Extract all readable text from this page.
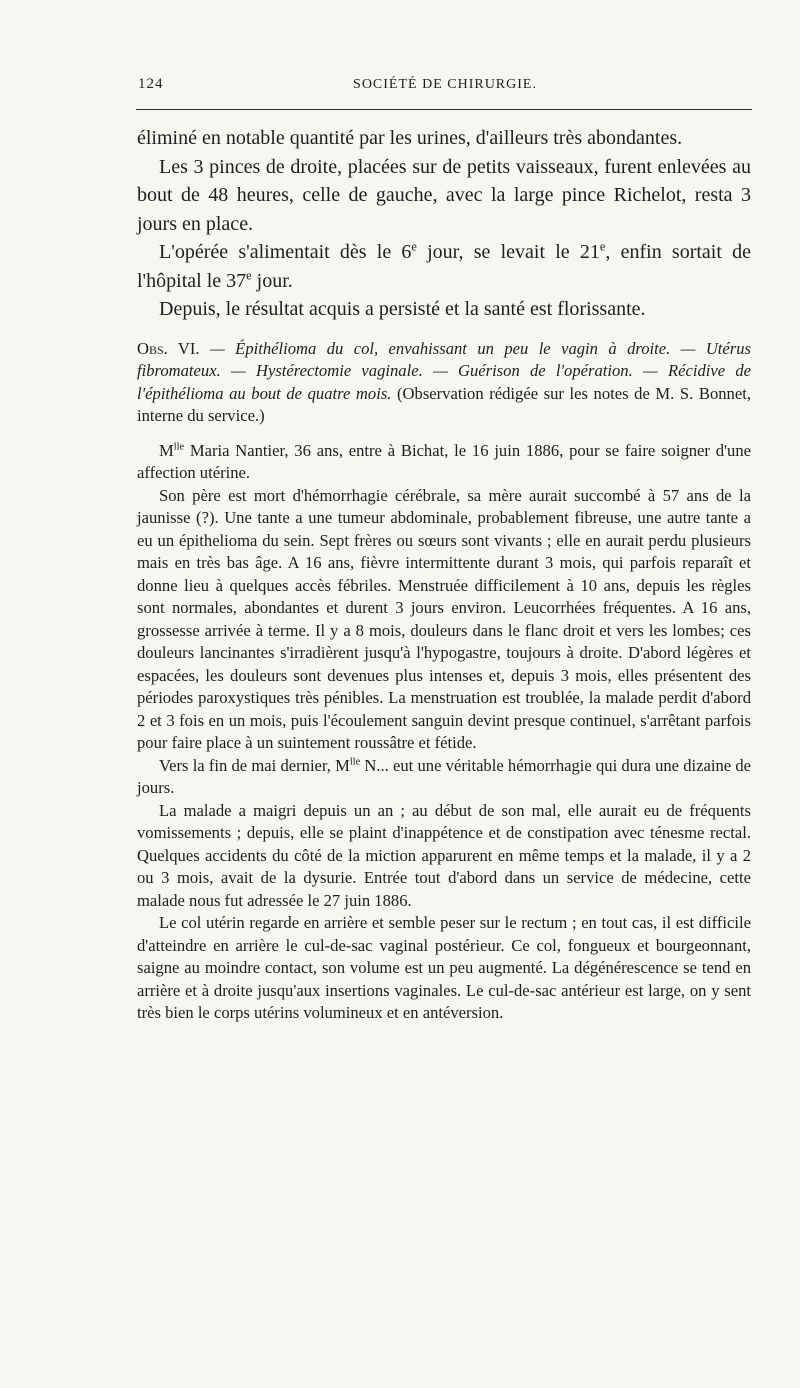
124	SOCIÉTÉ DE CHIRURGIE.

éliminé en notable quantité par les urines, d'ailleurs très abondantes.

Les 3 pinces de droite, placées sur de petits vaisseaux, furent enlevées au bout de 48 heures, celle de gauche, avec la large pince Richelot, resta 3 jours en place.

L'opérée s'alimentait dès le 6e jour, se levait le 21e, enfin sortait de l'hôpital le 37e jour.

Depuis, le résultat acquis a persisté et la santé est florissante.

Obs. VI. — Épithélioma du col, envahissant un peu le vagin à droite. — Utérus fibromateux. — Hystérectomie vaginale. — Guérison de l'opération. — Récidive de l'épithélioma au bout de quatre mois. (Observation rédigée sur les notes de M. S. Bonnet, interne du service.)

$M^{lle}$ Maria Nantier, 36 ans, entre à Bichat, le 16 juin 1886, pour se faire soigner d'une affection utérine.

Son père est mort d'hémorrhagie cérébrale, sa mère aurait succombé à 57 ans de la jaunisse (?). Une tante a une tumeur abdominale, probablement fibreuse, une autre tante a eu un épithelioma du sein. Sept frères ou sœurs sont vivants ; elle en aurait perdu plusieurs mais en très bas âge. A 16 ans, fièvre intermittente durant 3 mois, qui parfois reparaît et donne lieu à quelques accès fébriles. Menstruée difficilement à 10 ans, depuis les règles sont normales, abondantes et durent 3 jours environ. Leucorrhées fréquentes. A 16 ans, grossesse arrivée à terme. Il y a 8 mois, douleurs dans le flanc droit et vers les lombes; ces douleurs lancinantes s'irradièrent jusqu'à l'hypogastre, toujours à droite. D'abord légères et espacées, les douleurs sont devenues plus intenses et, depuis 3 mois, elles présentent des périodes paroxystiques très pénibles. La menstruation est troublée, la malade perdit d'abord 2 et 3 fois en un mois, puis l'écoulement sanguin devint presque continuel, s'arrêtant parfois pour faire place à un suintement roussâtre et fétide.

Vers la fin de mai dernier, $M^{lle}$ N... eut une véritable hémorrhagie qui dura une dizaine de jours.

La malade a maigri depuis un an ; au début de son mal, elle aurait eu de fréquents vomissements ; depuis, elle se plaint d'inappétence et de constipation avec ténesme rectal. Quelques accidents du côté de la miction apparurent en même temps et la malade, il y a 2 ou 3 mois, avait de la dysurie. Entrée tout d'abord dans un service de médecine, cette malade nous fut adressée le 27 juin 1886.

Le col utérin regarde en arrière et semble peser sur le rectum ; en tout cas, il est difficile d'atteindre en arrière le cul-de-sac vaginal postérieur. Ce col, fongueux et bourgeonnant, saigne au moindre contact, son volume est un peu augmenté. La dégénérescence se tend en arrière et à droite jusqu'aux insertions vaginales. Le cul-de-sac antérieur est large, on y sent très bien le corps utérins volumineux et en antéversion.
